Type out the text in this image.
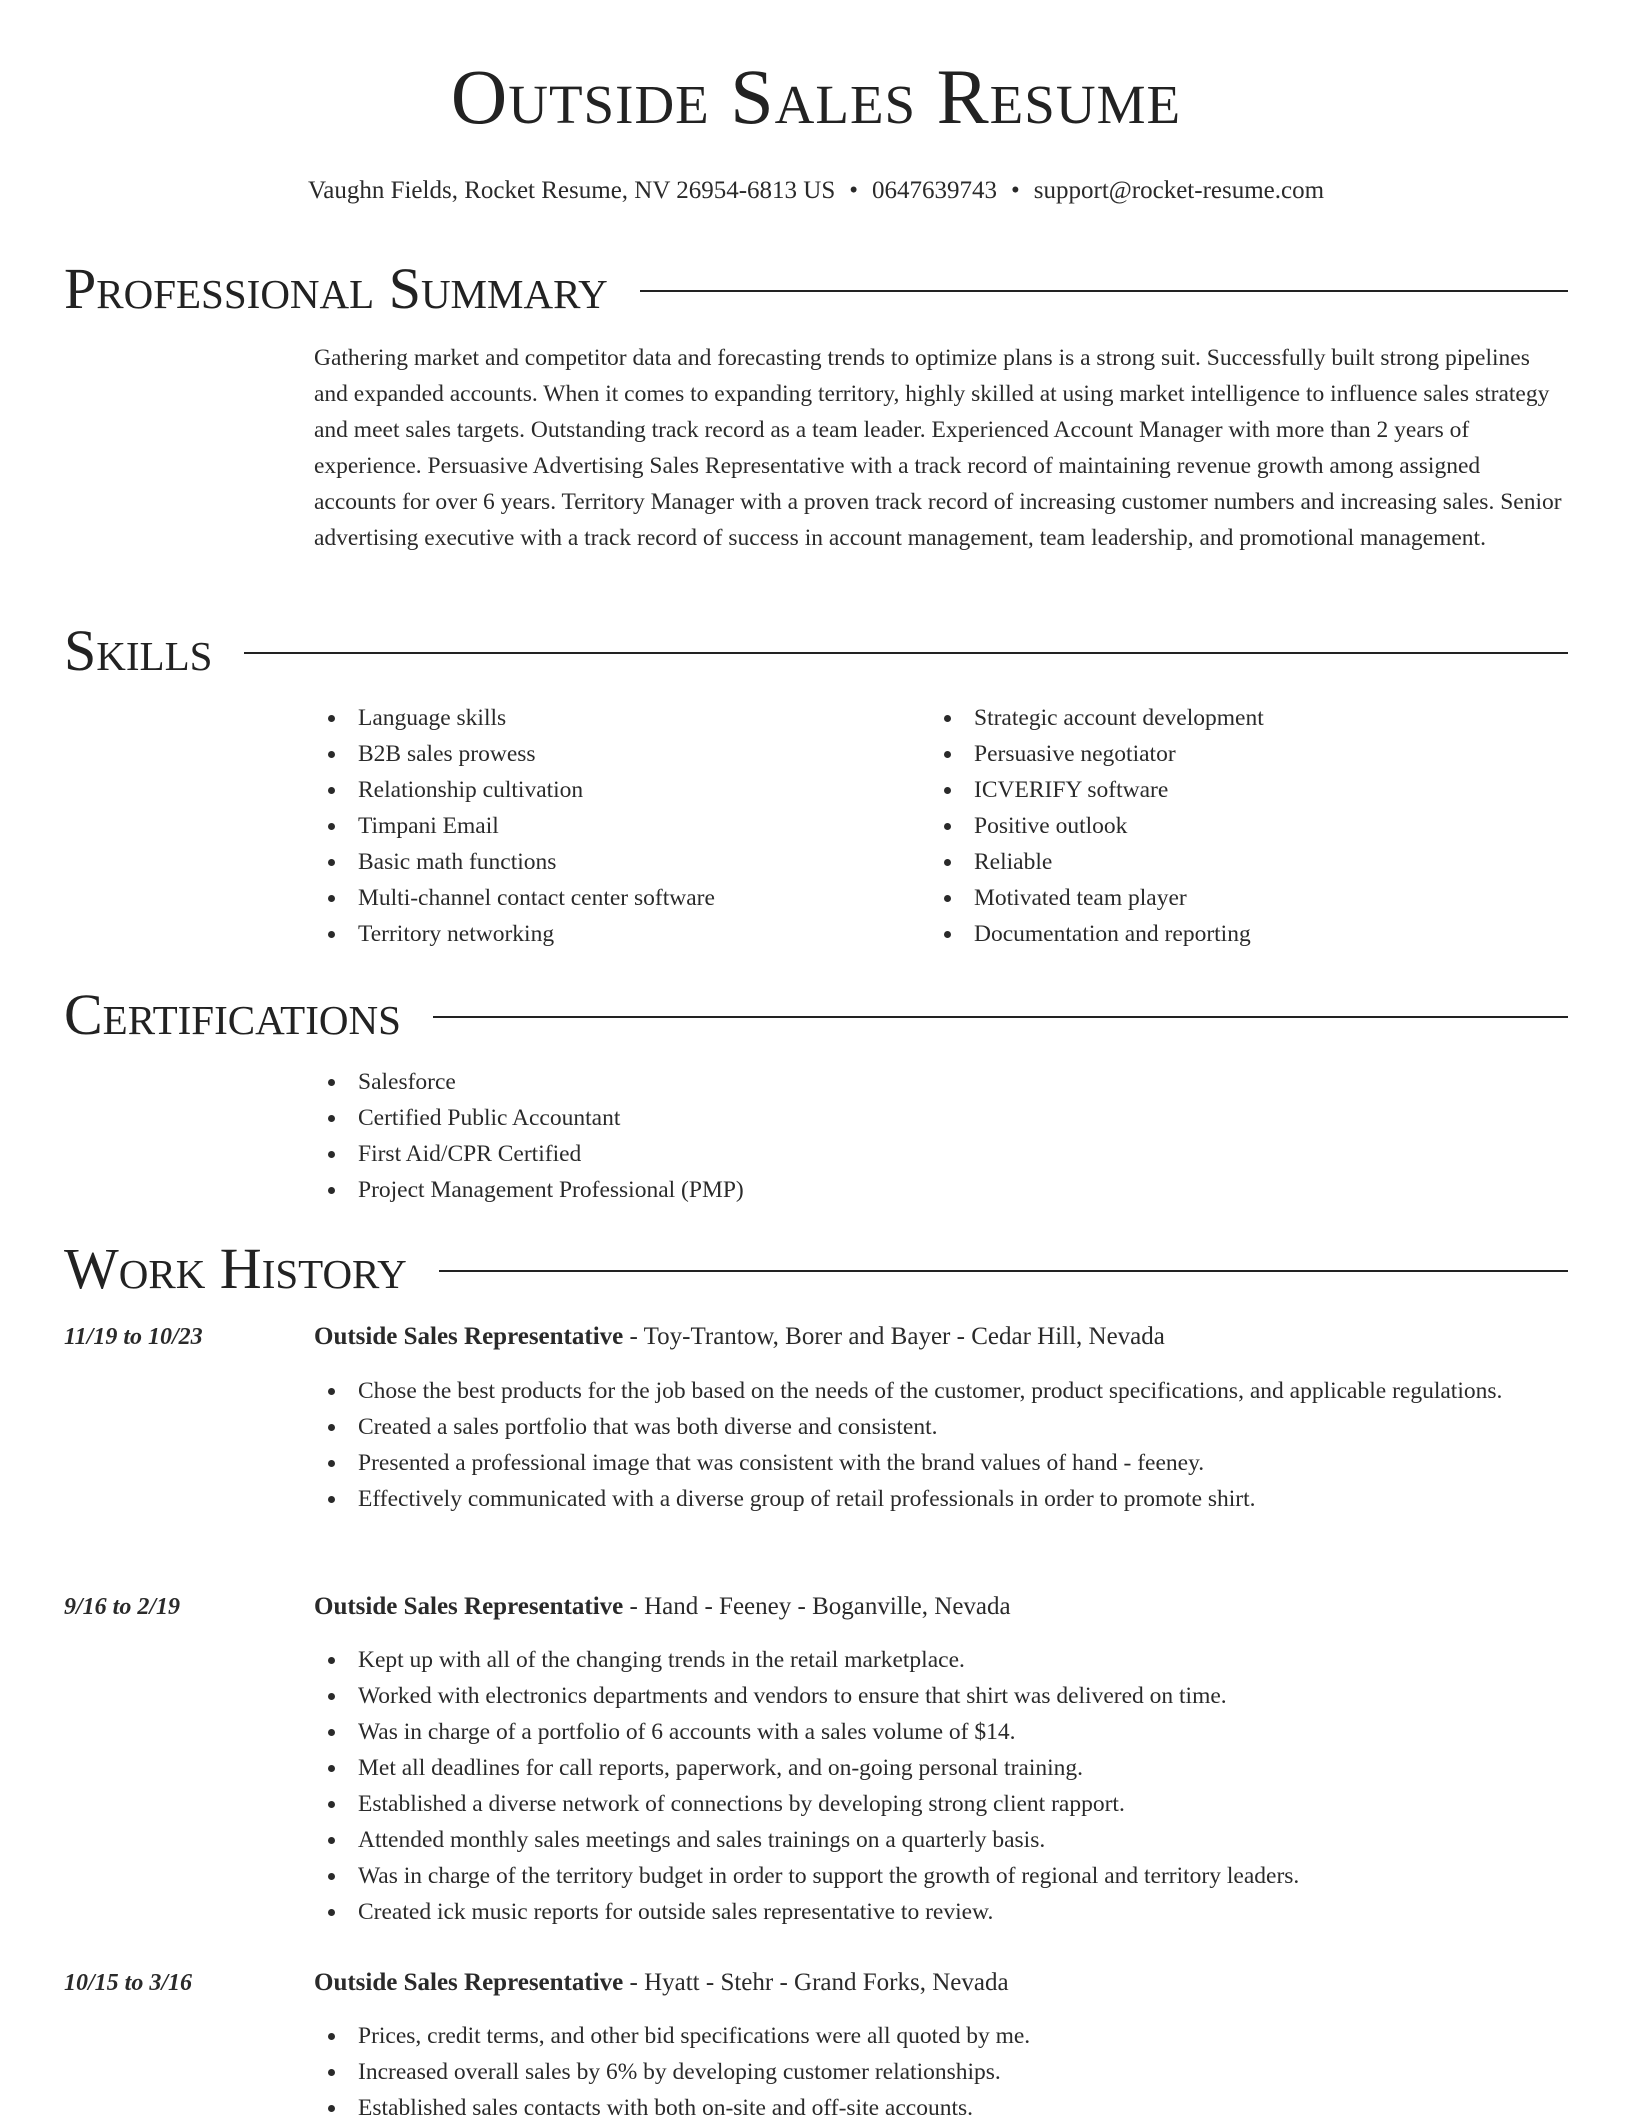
Outside Sales Resume
Vaughn Fields, Rocket Resume, NV 26954-6813 US • 0647639743 • support@rocket-resume.com
Professional Summary

Gathering market and competitor data and forecasting trends to optimize plans is a strong suit. Successfully built strong pipelines and expanded accounts. When it comes to expanding territory, highly skilled at using market intelligence to influence sales strategy and meet sales targets. Outstanding track record as a team leader. Experienced Account Manager with more than 2 years of experience. Persuasive Advertising Sales Representative with a track record of maintaining revenue growth among assigned accounts for over 6 years. Territory Manager with a proven track record of increasing customer numbers and increasing sales. Senior advertising executive with a track record of success in account management, team leadership, and promotional management.

Skills
Language skills
B2B sales prowess
Relationship cultivation
Timpani Email
Basic math functions
Multi-channel contact center software
Territory networking
Strategic account development
Persuasive negotiator
ICVERIFY software
Positive outlook
Reliable
Motivated team player
Documentation and reporting
Certifications
Salesforce
Certified Public Accountant
First Aid/CPR Certified
Project Management Professional (PMP)
Work History
11/19 to 10/23	Outside Sales Representative - Toy-Trantow, Borer and Bayer - Cedar Hill, Nevada
Chose the best products for the job based on the needs of the customer, product specifications, and applicable regulations.
Created a sales portfolio that was both diverse and consistent.
Presented a professional image that was consistent with the brand values of hand - feeney.
Effectively communicated with a diverse group of retail professionals in order to promote shirt.
9/16 to 2/19	Outside Sales Representative - Hand - Feeney - Boganville, Nevada
Kept up with all of the changing trends in the retail marketplace.
Worked with electronics departments and vendors to ensure that shirt was delivered on time.
Was in charge of a portfolio of 6 accounts with a sales volume of $14.
Met all deadlines for call reports, paperwork, and on-going personal training.
Established a diverse network of connections by developing strong client rapport.
Attended monthly sales meetings and sales trainings on a quarterly basis.
Was in charge of the territory budget in order to support the growth of regional and territory leaders.
Created ick music reports for outside sales representative to review.
10/15 to 3/16	Outside Sales Representative - Hyatt - Stehr - Grand Forks, Nevada
Prices, credit terms, and other bid specifications were all quoted by me.
Increased overall sales by 6% by developing customer relationships.
Established sales contacts with both on-site and off-site accounts.
